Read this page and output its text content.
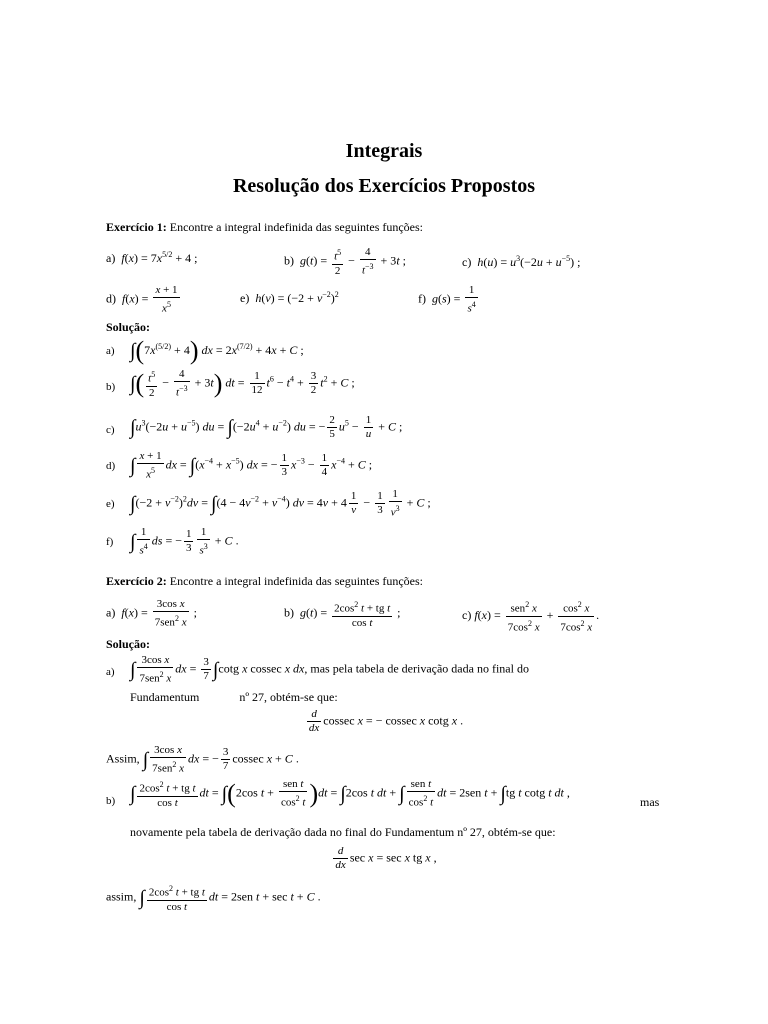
Integrais
Resolução dos Exercícios Propostos
Exercício 1: Encontre a integral indefinida das seguintes funções:
a)  $f(x) = 7x^{5/2} + 4$ ;	b)  $g(t) = \frac{t^5}{2} - \frac{4}{t^{-3}} + 3t$ ;	c)  $h(u) = u^3(-2u + u^{-5})$ ;
d)  $f(x) = \frac{x + 1}{x^5}$	e)  $h(v) = (-2 + v^{-2})^2$	f)  $g(s) = \frac{1}{s^4}$
Solução:
a) $\int(7x^{(5/2)} + 4)$ dx = $2x^{(7/2)} + 4x + C$ ;
b) ∫( $\frac{t^5}{2} - \frac{4}{t^{-3}} + 3t$) dt = $\frac{1}{12} t^6 - t^4 + \frac{3}{2} t^2 + C$ ;
c) $\int u^3(-2u + u^{-5})$ du = $\int(-2u^4 + u^{-2})$ du = − $\frac{2}{5} u^5 - \frac{1}{u} + C$ ;
d) ∫ $\frac{x + 1}{x^5}$ dx = $\int(x^{-4} + x^{-5})$ dx = − $\frac{1}{3} x^{-3} - \frac{1}{4} x^{-4} + C$ ;
e) $\int(-2 + v^{-2})^2dv = \int(4 - 4v^{-2} + v^{-4})$ dv = $4v + 4 \frac{1}{v} - \frac{1}{3} \frac{1}{v^3} + C$ ;
f) ∫ $\frac{1}{s^4}$ ds = − $\frac{1}{3} \frac{1}{s^3} + C$ .
Exercício 2: Encontre a integral indefinida das seguintes funções:
a)  $f(x) = \frac{\text{3cos x}}{7sen^2 x}$ ;	b)  $g(t) = \frac{2\cos^2 t + tg t}{\text{cos t}}$ ;	c) $f(x) = \frac{sen^2 x}{7\cos^2 x} + \frac{\cos^2 x}{7\cos^2 x}$ .
Solução:
a) ∫ $\frac{\text{3cos x}}{7sen^2 x}$ dx = $\frac{3}{7} \int\cot g$ x cossec x dx, mas pela tabela de derivação dada no final do
Fundamentum	nº 27, obtém-se que:
$\frac{d}{dx}$ cossec x = − cossec x cotg x .
Assim, ∫ $\frac{\text{3cos x}}{7sen^2 x}$ dx = − $\frac{3}{7}$ cossec x + C .
b) ∫ $\frac{2\cos^2 t + tg t}{\text{cos t}}$ dt = ∫(2cos $t + \frac{\text{sen t}}{\cos^2 t} )dt = \int 2\cos$ t dt + ∫ $\frac{\text{sen t}}{\cos^2 t}$ dt = 2sen t + ∫tg t cotg t dt ,
mas
novamente pela tabela de derivação dada no final do Fundamentum nº 27, obtém-se que:
$\frac{d}{dx}$ sec x = sec x tg x ,
assim, ∫ $\frac{2\cos^2 t + tg t}{\text{cos t}}$ dt = 2sen t + sec t + C .
